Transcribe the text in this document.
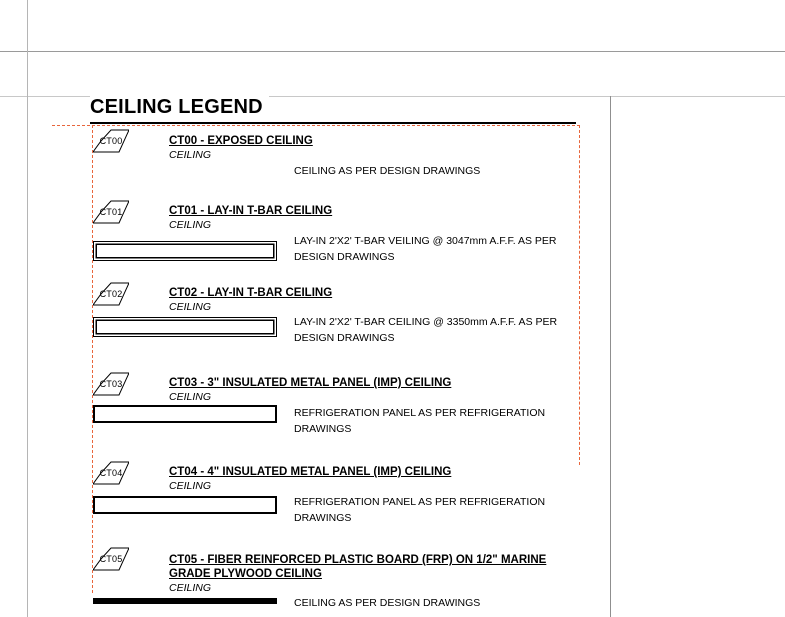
CEILING LEGEND
CT00	CT00 - EXPOSED CEILING
CEILING
CEILING AS PER DESIGN DRAWINGS
CT01	CT01 - LAY-IN T-BAR CEILING
CEILING
LAY-IN 2'X2' T-BAR VEILING @ 3047mm A.F.F. AS PER DESIGN DRAWINGS
CT02	CT02 - LAY-IN T-BAR CEILING
CEILING
LAY-IN 2'X2' T-BAR CEILING @ 3350mm A.F.F. AS PER DESIGN DRAWINGS
CT03	CT03 - 3" INSULATED METAL PANEL (IMP) CEILING
CEILING
REFRIGERATION PANEL AS PER REFRIGERATION DRAWINGS
CT04	CT04 - 4" INSULATED METAL PANEL (IMP) CEILING
CEILING
REFRIGERATION PANEL AS PER REFRIGERATION DRAWINGS
CT05	CT05 - FIBER REINFORCED PLASTIC BOARD (FRP) ON 1/2" MARINE GRADE PLYWOOD CEILING
CEILING
CEILING AS PER DESIGN DRAWINGS
